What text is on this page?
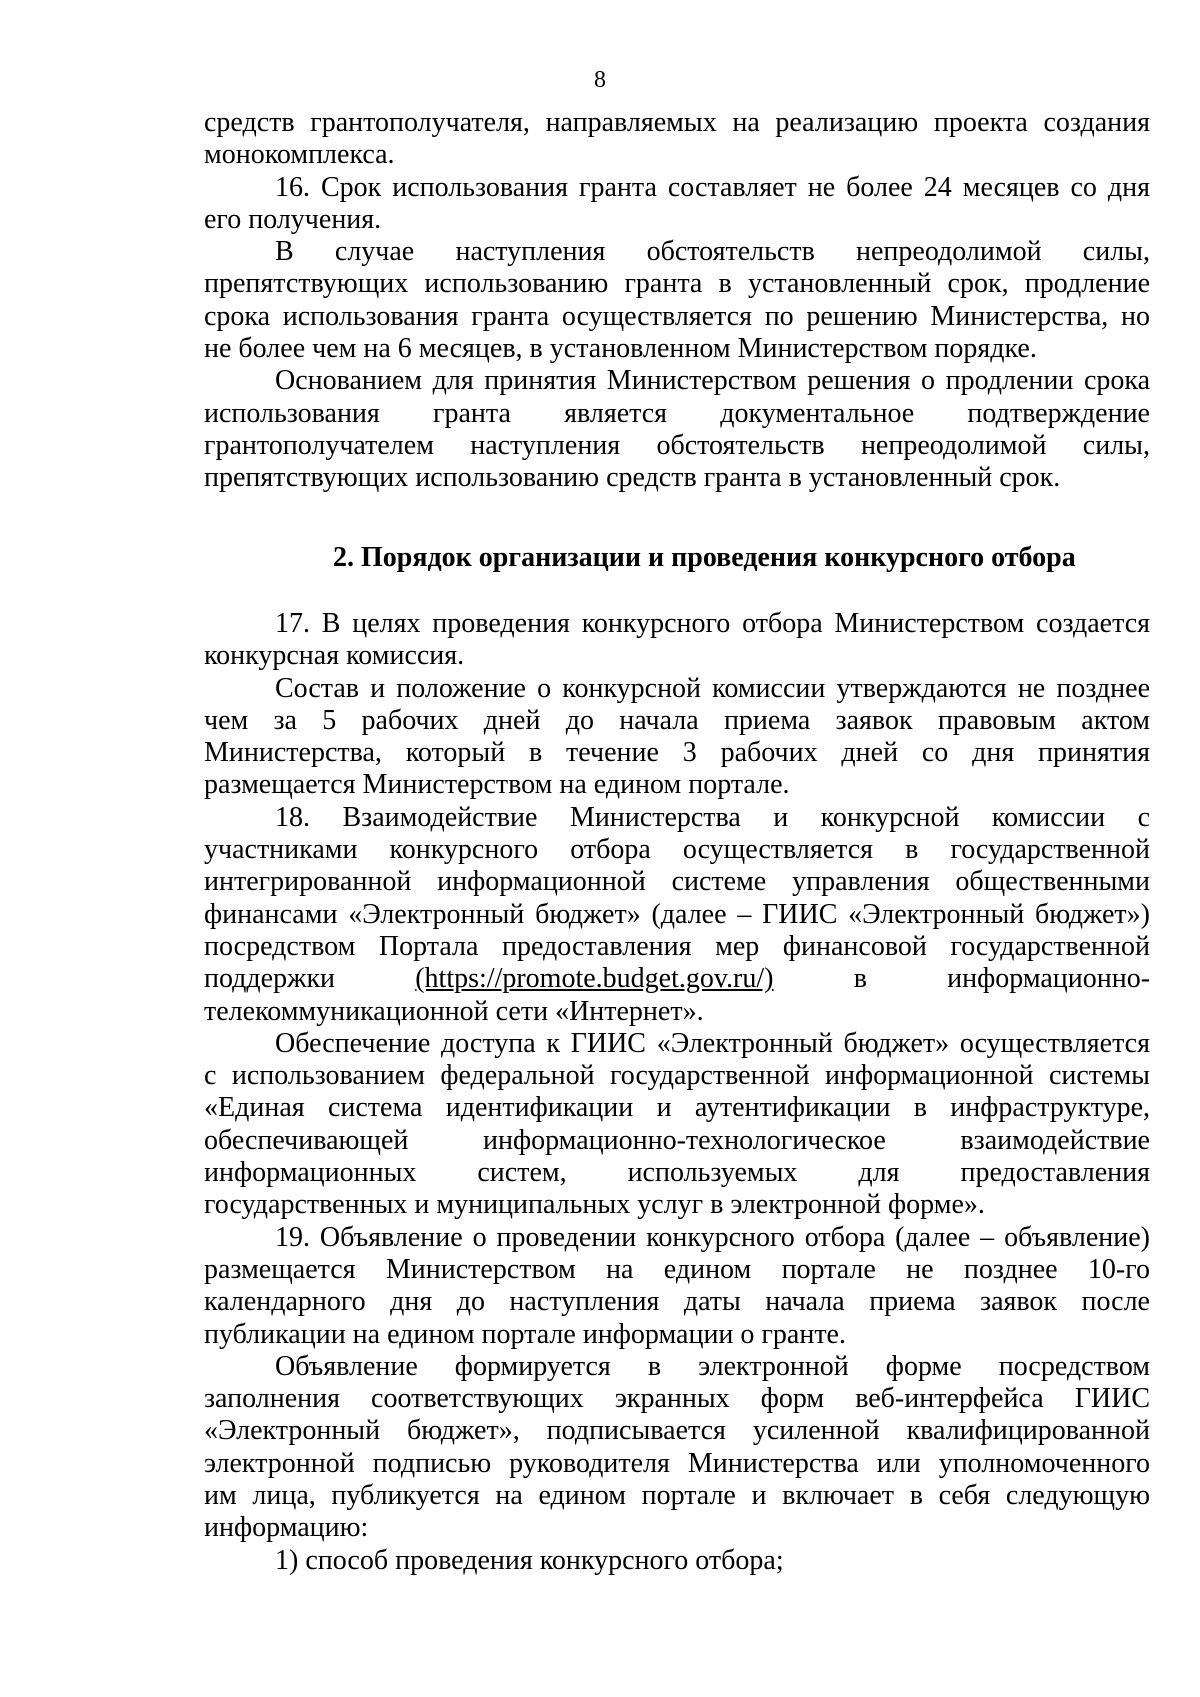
8

средств грантополучателя, направляемых на реализацию проекта создания

монокомплекса.

16. Срок использования гранта составляет не более 24 месяцев со дня

его получения.

В случае наступления обстоятельств непреодолимой силы,

препятствующих использованию гранта в установленный срок, продление

срока использования гранта осуществляется по решению Министерства, но

не более чем на 6 месяцев, в установленном Министерством порядке.

Основанием для принятия Министерством решения о продлении срока

использования гранта является документальное подтверждение

грантополучателем наступления обстоятельств непреодолимой силы,

препятствующих использованию средств гранта в установленный срок.

2. Порядок организации и проведения конкурсного отбора

17. В целях проведения конкурсного отбора Министерством создается

конкурсная комиссия.

Состав и положение о конкурсной комиссии утверждаются не позднее

чем за 5 рабочих дней до начала приема заявок правовым актом

Министерства, который в течение 3 рабочих дней со дня принятия

размещается Министерством на едином портале.

18. Взаимодействие Министерства и конкурсной комиссии с

участниками конкурсного отбора осуществляется в государственной

интегрированной информационной системе управления общественными

финансами «Электронный бюджет» (далее – ГИИС «Электронный бюджет»)

посредством Портала предоставления мер финансовой государственной

поддержки	(https://promote.budget.gov.ru/)	в	информационно-

телекоммуникационной сети «Интернет».

Обеспечение доступа к ГИИС «Электронный бюджет» осуществляется

с использованием федеральной государственной информационной системы

«Единая система идентификации и аутентификации в инфраструктуре,

обеспечивающей информационно-технологическое взаимодействие

информационных систем, используемых для предоставления

государственных и муниципальных услуг в электронной форме».

19. Объявление о проведении конкурсного отбора (далее – объявление)

размещается Министерством на едином портале не позднее 10-го

календарного дня до наступления даты начала приема заявок после

публикации на едином портале информации о гранте.

Объявление формируется в электронной форме посредством

заполнения соответствующих экранных форм веб-интерфейса ГИИС

«Электронный бюджет», подписывается усиленной квалифицированной

электронной подписью руководителя Министерства или уполномоченного

им лица, публикуется на едином портале и включает в себя следующую

информацию:

1) способ проведения конкурсного отбора;
